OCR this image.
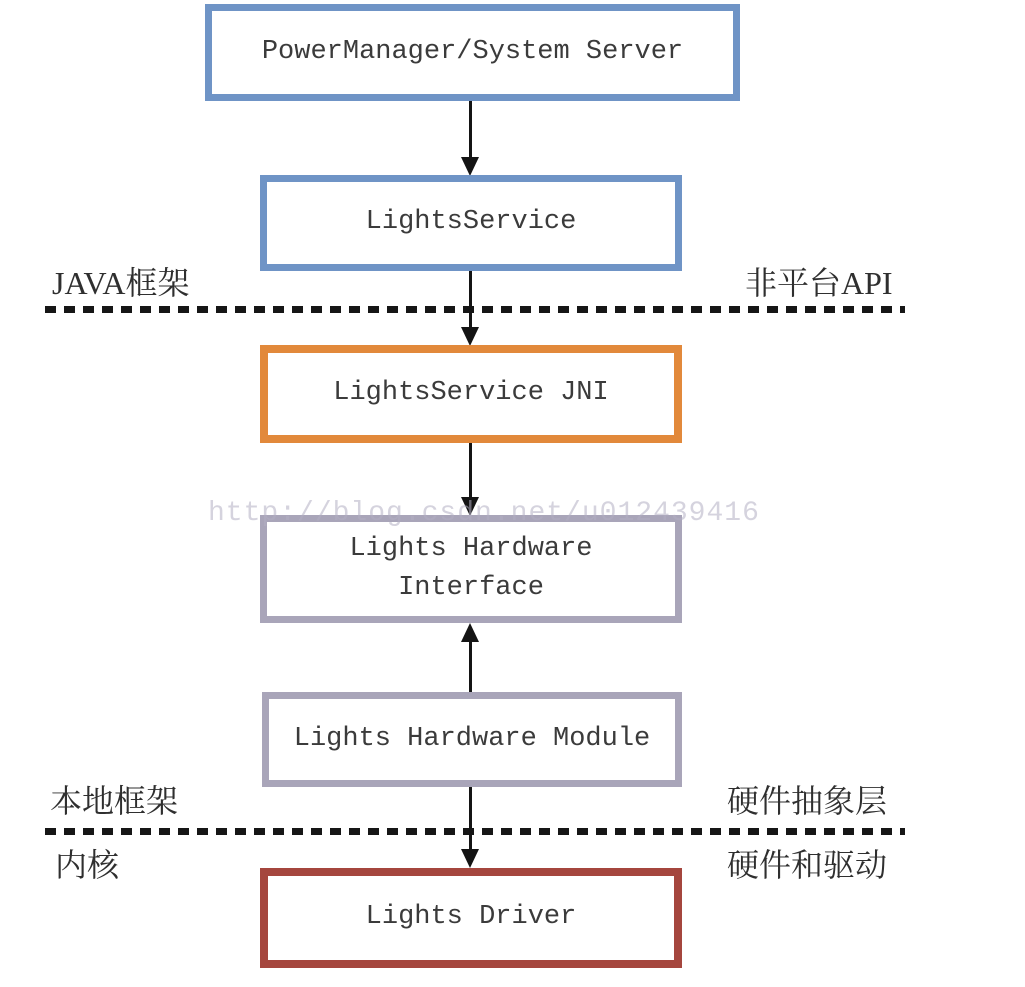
http://blog.csdn.net/u012439416
PowerManager/System Server
LightsService
JAVA框架	非平台API
LightsService JNI
Lights Hardware Interface
Lights Hardware Module
本地框架	硬件抽象层
内核	硬件和驱动
Lights Driver
